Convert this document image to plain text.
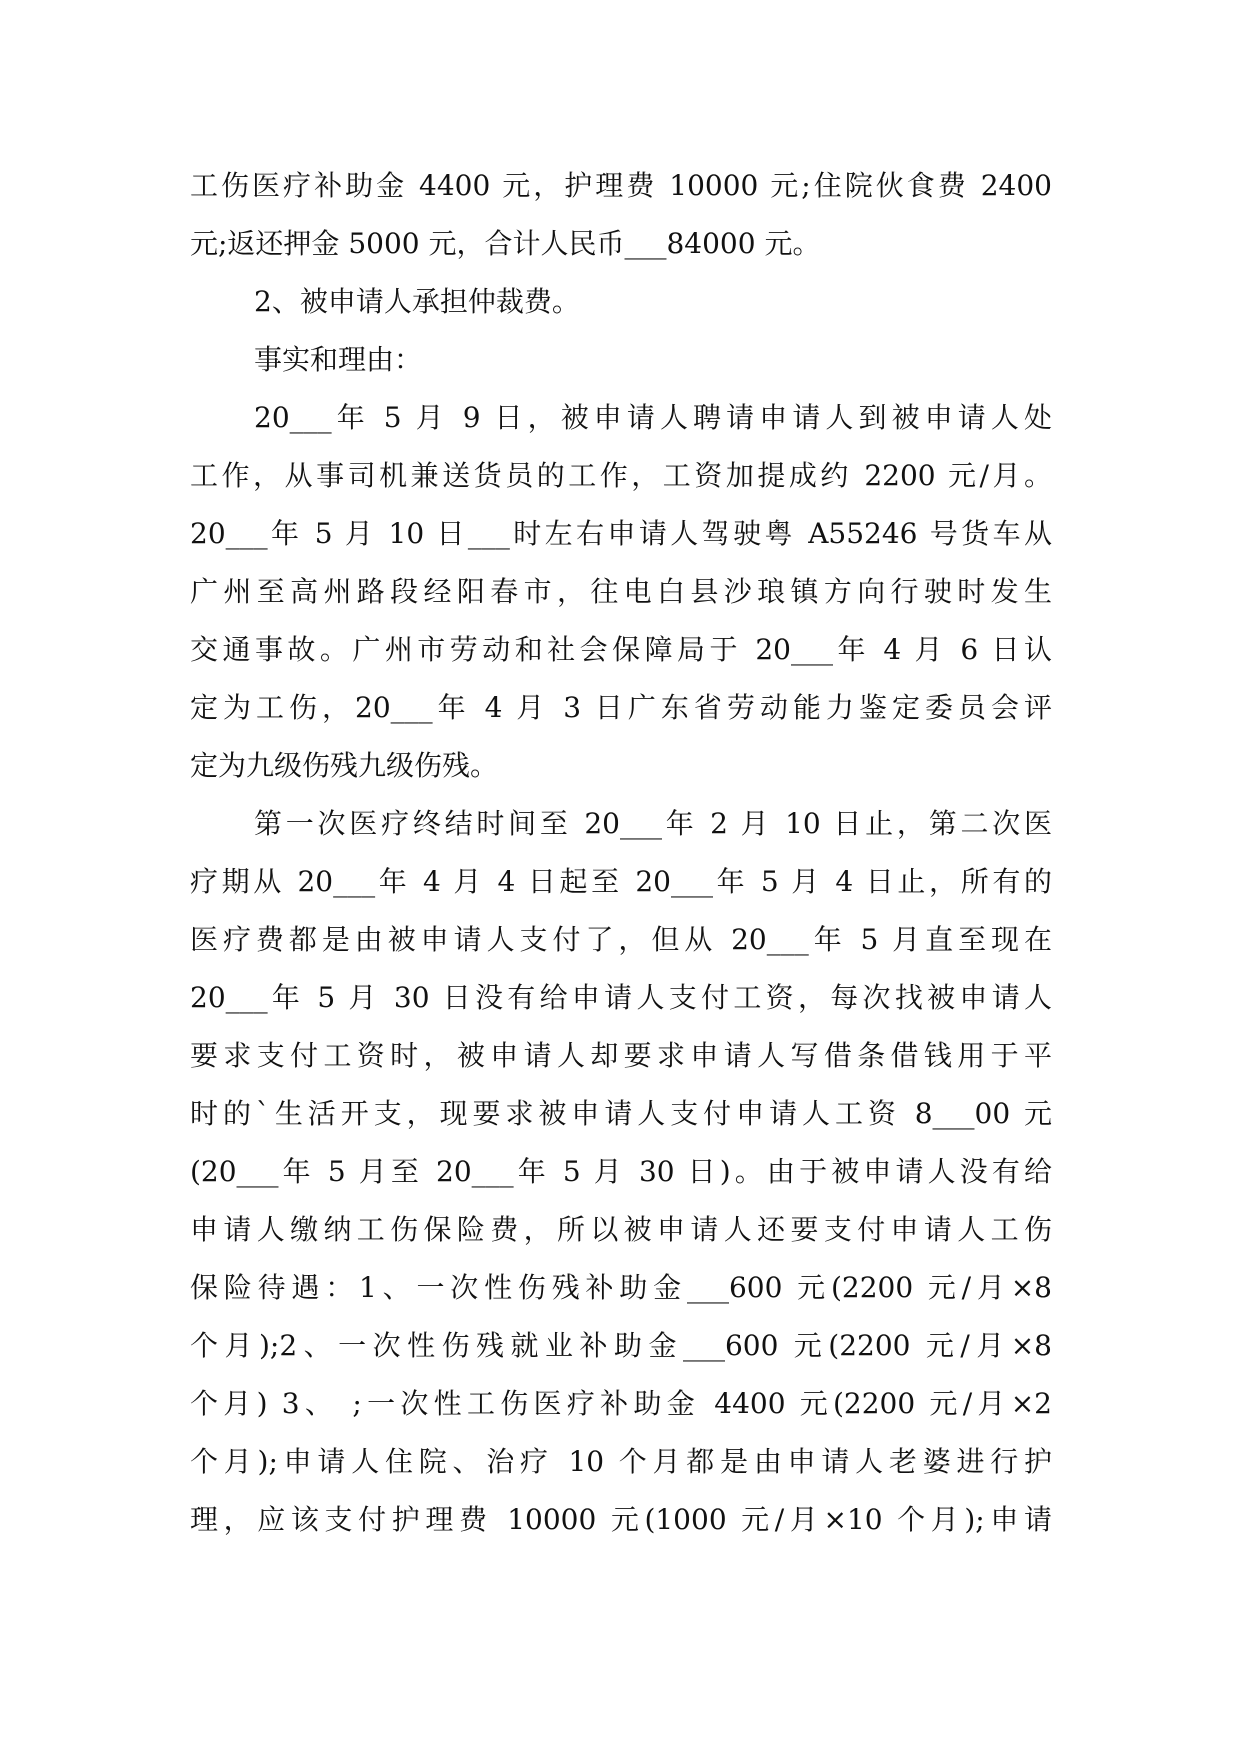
工伤医疗补助金 4400 元，护理费 10000 元;住院伙食费 2400
元;返还押金 5000 元，合计人民币___84000 元。
2、被申请人承担仲裁费。
事实和理由：
20___年 5 月 9 日，被申请人聘请申请人到被申请人处
工作，从事司机兼送货员的工作，工资加提成约 2200 元/月。
20___年 5 月 10 日___时左右申请人驾驶粤 A55246 号货车从
广州至高州路段经阳春市，往电白县沙琅镇方向行驶时发生
交通事故。广州市劳动和社会保障局于 20___年 4 月 6 日认
定为工伤，20___年 4 月 3 日广东省劳动能力鉴定委员会评
定为九级伤残九级伤残。
第一次医疗终结时间至 20___年 2 月 10 日止，第二次医
疗期从 20___年 4 月 4 日起至 20___年 5 月 4 日止，所有的
医疗费都是由被申请人支付了，但从 20___年 5 月直至现在
20___年 5 月 30 日没有给申请人支付工资，每次找被申请人
要求支付工资时，被申请人却要求申请人写借条借钱用于平
时的`生活开支，现要求被申请人支付申请人工资 8___00 元
(20___年 5 月至 20___年 5 月 30 日)。由于被申请人没有给
申请人缴纳工伤保险费，所以被申请人还要支付申请人工伤
保险待遇：1、一次性伤残补助金___600 元(2200 元/月×8
个月);2、一次性伤残就业补助金___600 元(2200 元/月×8
个月) 3、 ;一次性工伤医疗补助金 4400 元(2200 元/月×2
个月);申请人住院、治疗 10 个月都是由申请人老婆进行护
理，应该支付护理费 10000 元(1000 元/月×10 个月);申请
